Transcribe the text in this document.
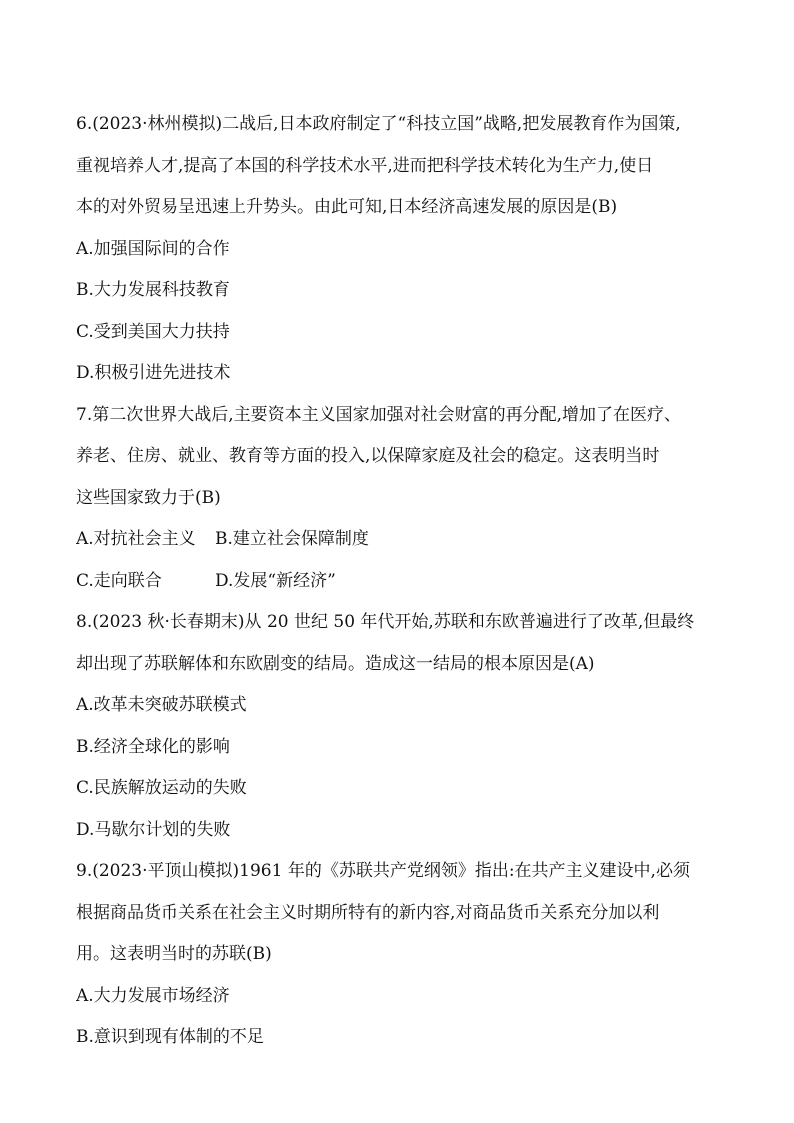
6.(2023·林州模拟)二战后,日本政府制定了“科技立国”战略,把发展教育作为国策,
重视培养人才,提高了本国的科学技术水平,进而把科学技术转化为生产力,使日
本的对外贸易呈迅速上升势头。由此可知,日本经济高速发展的原因是(B)
A.加强国际间的合作
B.大力发展科技教育
C.受到美国大力扶持
D.积极引进先进技术
7.第二次世界大战后,主要资本主义国家加强对社会财富的再分配,增加了在医疗、
养老、住房、就业、教育等方面的投入,以保障家庭及社会的稳定。这表明当时
这些国家致力于(B)
A.对抗社会主义	B.建立社会保障制度
C.走向联合	D.发展“新经济”
8.(2023 秋·长春期末)从 20 世纪 50 年代开始,苏联和东欧普遍进行了改革,但最终
却出现了苏联解体和东欧剧变的结局。造成这一结局的根本原因是(A)
A.改革未突破苏联模式
B.经济全球化的影响
C.民族解放运动的失败
D.马歇尔计划的失败
9.(2023·平顶山模拟)1961 年的《苏联共产党纲领》指出:在共产主义建设中,必须
根据商品货币关系在社会主义时期所特有的新内容,对商品货币关系充分加以利
用。这表明当时的苏联(B)
A.大力发展市场经济
B.意识到现有体制的不足
